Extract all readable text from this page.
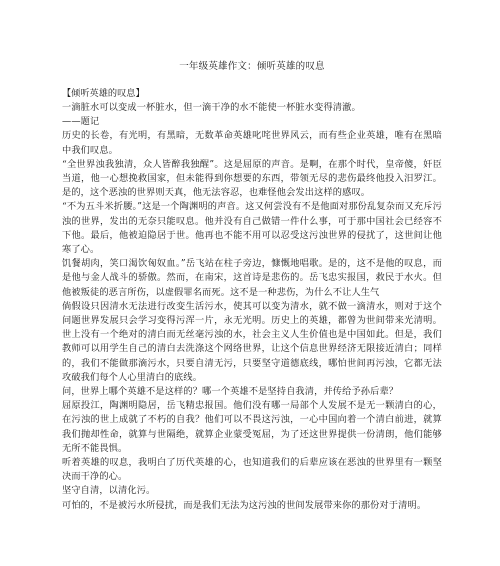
一年级英雄作文：倾听英雄的叹息
【倾听英雄的叹息】
一滴脏水可以变成一杯脏水，但一滴干净的水不能使一杯脏水变得清澈。
——题记
历史的长卷，有光明，有黑暗，无数革命英雄叱咤世界风云，而有些企业英雄，唯有在黑暗中我们叹息。
“全世界浊我独清，众人皆醉我独醒”。这是屈原的声音。是啊，在那个时代，皇帝傻，奸臣当道，他一心想挽救国家，但未能得到你想要的东西，带领无尽的悲伤最终他投入汨罗江。是的，这个恶浊的世界则天真，他无法容忍，也难怪他会发出这样的感叹。
“不为五斗米折腰。”这是一个陶渊明的声音。这又何尝没有不是他面对那份乱复杂而又充斥污浊的世界，发出的无奈只能叹息。他并没有自己做错一件什么事，可于那中国社会已经容不下他。最后，他被迫隐居于世。他再也不能不用可以忍受这污浊世界的侵扰了，这世间让他寒了心。
饥餐胡肉，笑口渴饮匈奴血。”岳飞站在柱子旁边，慷慨地唱歌。是的，这不是他的叹息，而是他与金人战斗的骄傲。然而，在南宋，这首诗是悲伤的。岳飞忠实报国，救民于水火。但他被叛徒的恶言所伤，以虚假罪名而死。这不是一种悲伤，为什么不让人生气
倘假设只因清水无法进行改变生活污水，使其可以变为清水，就不做一滴清水，则对于这个问题世界发展只会学习变得污浑一片，永无光明。历史上的英雄，都曾为世间带来光清明。世上没有一个绝对的清白而无丝毫污浊的水，社会主义人生价值也是中国如此。但是，我们教师可以用学生自己的清白去洗涤这个网络世界，让这个信息世界经济无限接近清白；同样的，我们不能做那滴污水，只要自清无污，只要坚守道德底线，哪怕世间再污浊，它都无法攻破我们每个人心里清白的底线。
问，世界上哪个英雄不是这样的？哪一个英雄不是坚持自我清，并传给予孙后辈？
屈原投江，陶渊明隐居，岳飞精忠报国。他们没有哪一局部个人发展不是无一颗清白的心，在污浊的世上成就了不朽的自我？他们可以不畏这污浊，一心中国向着一个清白前进，就算我们抛却性命，就算与世隔绝，就算企业蒙受冤屈，为了还这世界提供一份清朗，他们能够无所不能畏惧。
听着英雄的叹息，我明白了历代英雄的心，也知道我们的后辈应该在恶浊的世界里有一颗坚决而干净的心。
坚守自清，以清化污。
可怕的，不是被污水所侵扰，而是我们无法为这污浊的世间发展带来你的那份对于清明。
